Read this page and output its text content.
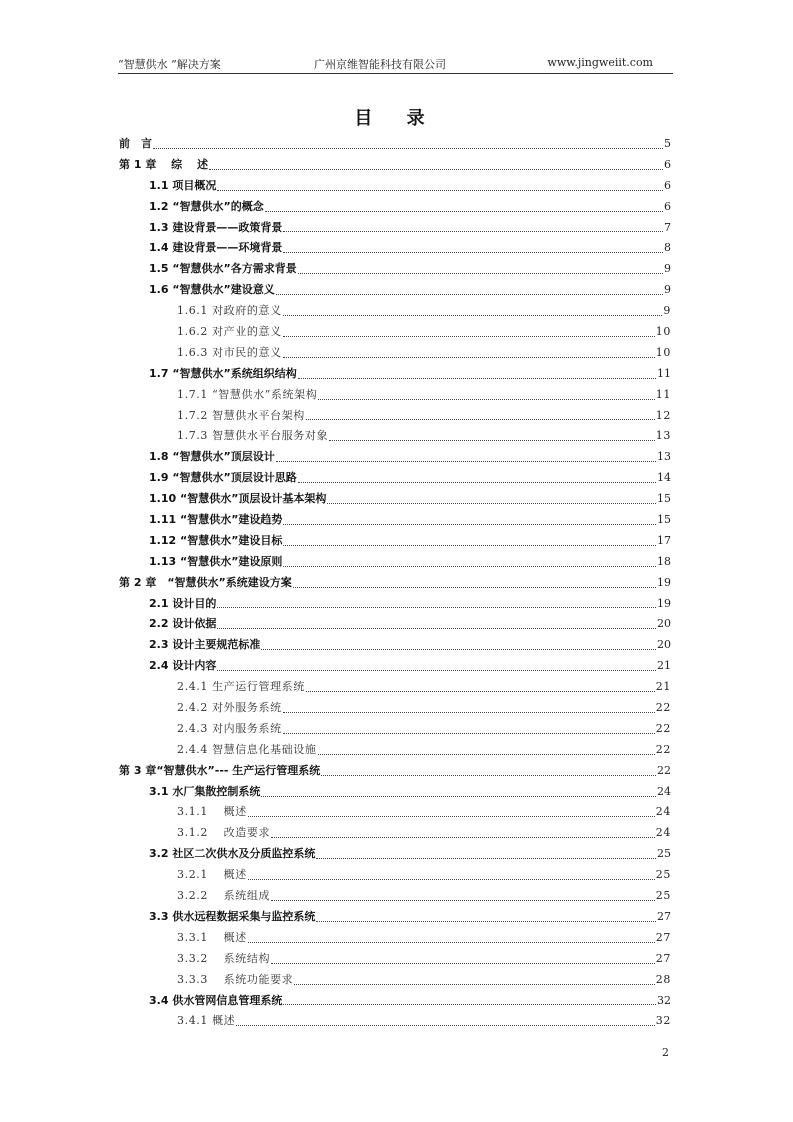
“智慧供水 ”解决方案	广州京维智能科技有限公司	www.jingweiit.com
目 录
前　言	5
第 1 章　 综　 述	6
1.1 项目概况	6
1.2 “智慧供水”的概念	6
1.3 建设背景——政策背景	7
1.4 建设背景——环境背景	8
1.5 “智慧供水”各方需求背景	9
1.6 “智慧供水”建设意义	9
1.6.1 对政府的意义	9
1.6.2 对产业的意义	10
1.6.3 对市民的意义	10
1.7 “智慧供水”系统组织结构	11
1.7.1 “智慧供水”系统架构	11
1.7.2 智慧供水平台架构	12
1.7.3 智慧供水平台服务对象	13
1.8 “智慧供水”顶层设计	13
1.9 “智慧供水”顶层设计思路	14
1.10 “智慧供水”顶层设计基本架构	15
1.11 “智慧供水”建设趋势	15
1.12 “智慧供水”建设目标	17
1.13 “智慧供水”建设原则	18
第 2 章　“智慧供水”系统建设方案	19
2.1 设计目的	19
2.2 设计依据	20
2.3 设计主要规范标准	20
2.4 设计内容	21
2.4.1 生产运行管理系统	21
2.4.2 对外服务系统	22
2.4.3 对内服务系统	22
2.4.4 智慧信息化基础设施	22
第 3 章“智慧供水”--- 生产运行管理系统	22
3.1 水厂集散控制系统	24
3.1.1　 概述	24
3.1.2　 改造要求	24
3.2 社区二次供水及分质监控系统	25
3.2.1　 概述	25
3.2.2　 系统组成	25
3.3 供水远程数据采集与监控系统	27
3.3.1　 概述	27
3.3.2　 系统结构	27
3.3.3　 系统功能要求	28
3.4 供水管网信息管理系统	32
3.4.1 概述	32
2
